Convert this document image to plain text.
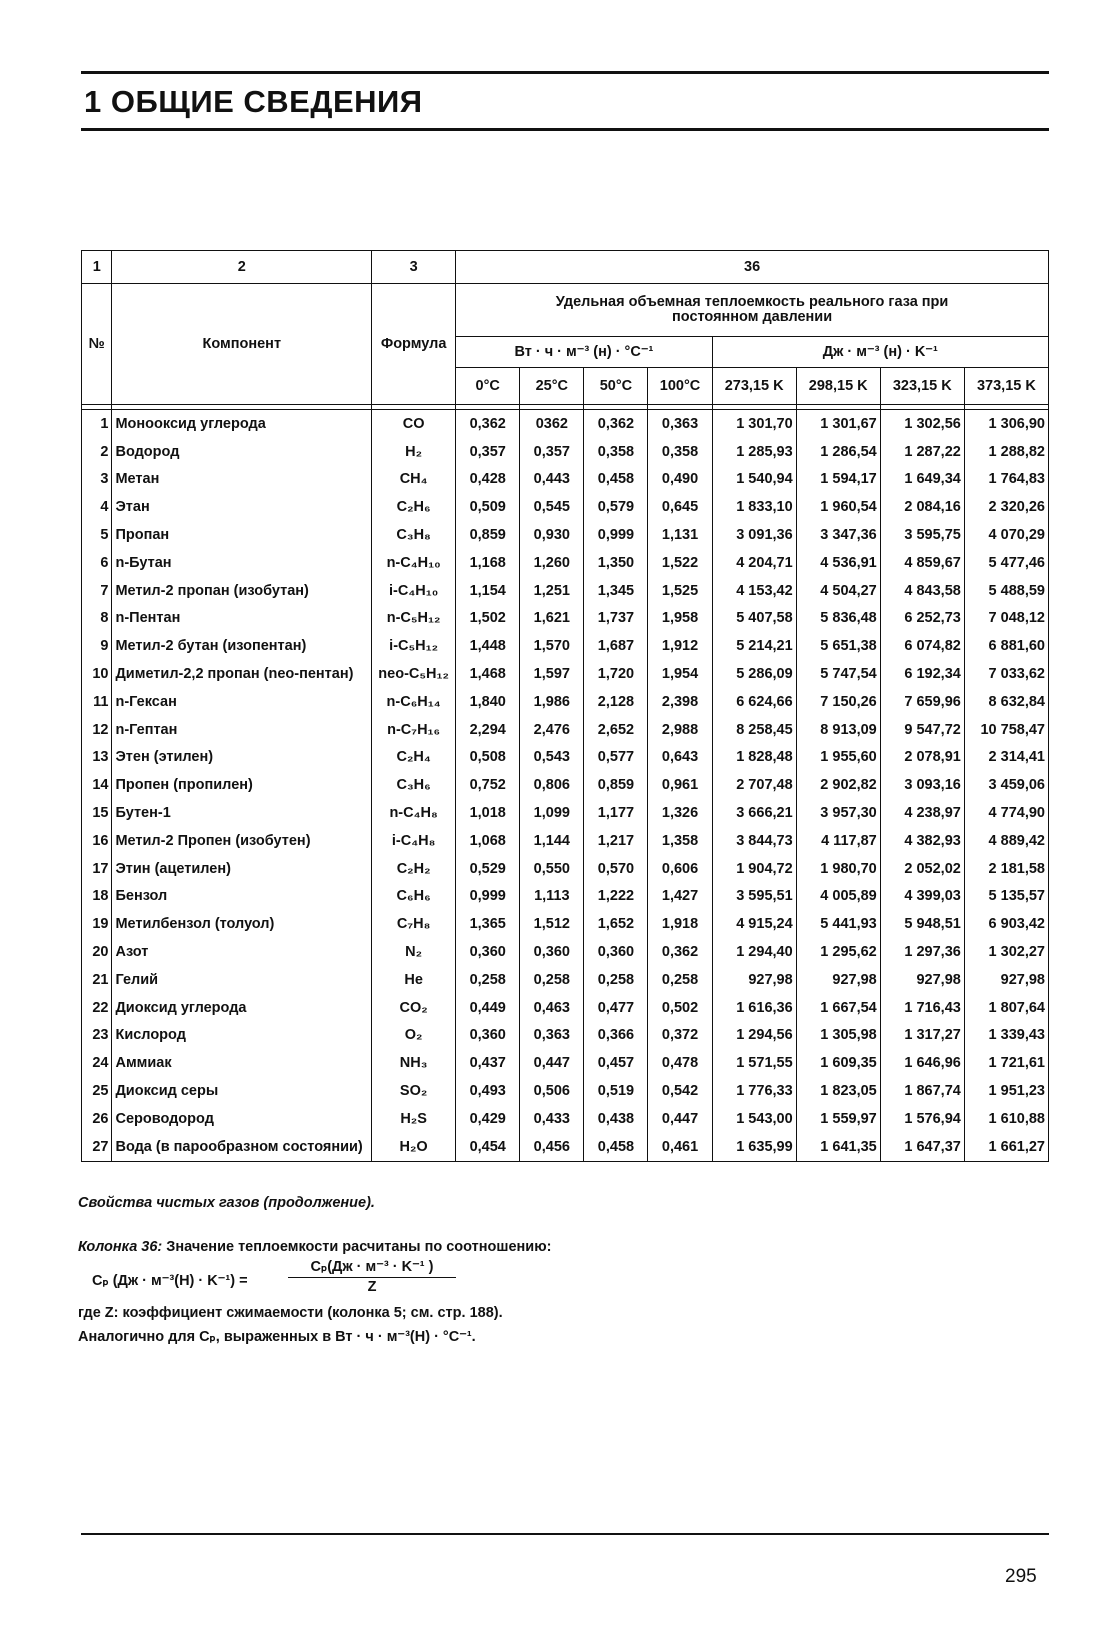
1 ОБЩИЕ СВЕДЕНИЯ
1	2	3	36							
№	Компонент	Формула	Удельная объемная теплоемкость реального газа при постоянном давлении							
			Вт · ч · м⁻³ (н) · °С⁻¹				Дж · м⁻³ (н) · K⁻¹			
			0°C	25°C	50°C	100°C	273,15 K	298,15 K	323,15 K	373,15 K

1	Монооксид углерода	CO	0,362	0362	0,362	0,363	1 301,70	1 301,67	1 302,56	1 306,90
2	Водород	H₂	0,357	0,357	0,358	0,358	1 285,93	1 286,54	1 287,22	1 288,82
3	Метан	CH₄	0,428	0,443	0,458	0,490	1 540,94	1 594,17	1 649,34	1 764,83
4	Этан	C₂H₆	0,509	0,545	0,579	0,645	1 833,10	1 960,54	2 084,16	2 320,26
5	Пропан	C₃H₈	0,859	0,930	0,999	1,131	3 091,36	3 347,36	3 595,75	4 070,29
6	n-Бутан	n-C₄H₁₀	1,168	1,260	1,350	1,522	4 204,71	4 536,91	4 859,67	5 477,46
7	Метил-2 пропан (изобутан)	i-C₄H₁₀	1,154	1,251	1,345	1,525	4 153,42	4 504,27	4 843,58	5 488,59
8	n-Пентан	n-C₅H₁₂	1,502	1,621	1,737	1,958	5 407,58	5 836,48	6 252,73	7 048,12
9	Метил-2 бутан (изопентан)	i-C₅H₁₂	1,448	1,570	1,687	1,912	5 214,21	5 651,38	6 074,82	6 881,60
10	Диметил-2,2 пропан (neo-пентан)	neo-C₅H₁₂	1,468	1,597	1,720	1,954	5 286,09	5 747,54	6 192,34	7 033,62
11	n-Гексан	n-C₆H₁₄	1,840	1,986	2,128	2,398	6 624,66	7 150,26	7 659,96	8 632,84
12	n-Гептан	n-C₇H₁₆	2,294	2,476	2,652	2,988	8 258,45	8 913,09	9 547,72	10 758,47
13	Этен (этилен)	C₂H₄	0,508	0,543	0,577	0,643	1 828,48	1 955,60	2 078,91	2 314,41
14	Пропен (пропилен)	C₃H₆	0,752	0,806	0,859	0,961	2 707,48	2 902,82	3 093,16	3 459,06
15	Бутен-1	n-C₄H₈	1,018	1,099	1,177	1,326	3 666,21	3 957,30	4 238,97	4 774,90
16	Метил-2 Пропен (изобутен)	i-C₄H₈	1,068	1,144	1,217	1,358	3 844,73	4 117,87	4 382,93	4 889,42
17	Этин (ацетилен)	C₂H₂	0,529	0,550	0,570	0,606	1 904,72	1 980,70	2 052,02	2 181,58
18	Бензол	C₆H₆	0,999	1,113	1,222	1,427	3 595,51	4 005,89	4 399,03	5 135,57
19	Метилбензол (толуол)	C₇H₈	1,365	1,512	1,652	1,918	4 915,24	5 441,93	5 948,51	6 903,42
20	Азот	N₂	0,360	0,360	0,360	0,362	1 294,40	1 295,62	1 297,36	1 302,27
21	Гелий	He	0,258	0,258	0,258	0,258	927,98	927,98	927,98	927,98
22	Диоксид углерода	CO₂	0,449	0,463	0,477	0,502	1 616,36	1 667,54	1 716,43	1 807,64
23	Кислород	O₂	0,360	0,363	0,366	0,372	1 294,56	1 305,98	1 317,27	1 339,43
24	Аммиак	NH₃	0,437	0,447	0,457	0,478	1 571,55	1 609,35	1 646,96	1 721,61
25	Диоксид серы	SO₂	0,493	0,506	0,519	0,542	1 776,33	1 823,05	1 867,74	1 951,23
26	Сероводород	H₂S	0,429	0,433	0,438	0,447	1 543,00	1 559,97	1 576,94	1 610,88
27	Вода (в парообразном состоянии)	H₂O	0,454	0,456	0,458	0,461	1 635,99	1 641,35	1 647,37	1 661,27

Свойства чистых газов (продолжение).

Колонка 36: Значение теплоемкости расчитаны по соотношению:

Cₚ (Дж · м⁻³(Н) · K⁻¹) =
Cₚ(Дж · м⁻³ · K⁻¹ )
Z

где Z: коэффициент сжимаемости (колонка 5; см. стр. 188).

Аналогично для Cₚ, выраженных в Вт · ч · м⁻³(Н) · °С⁻¹.

295
